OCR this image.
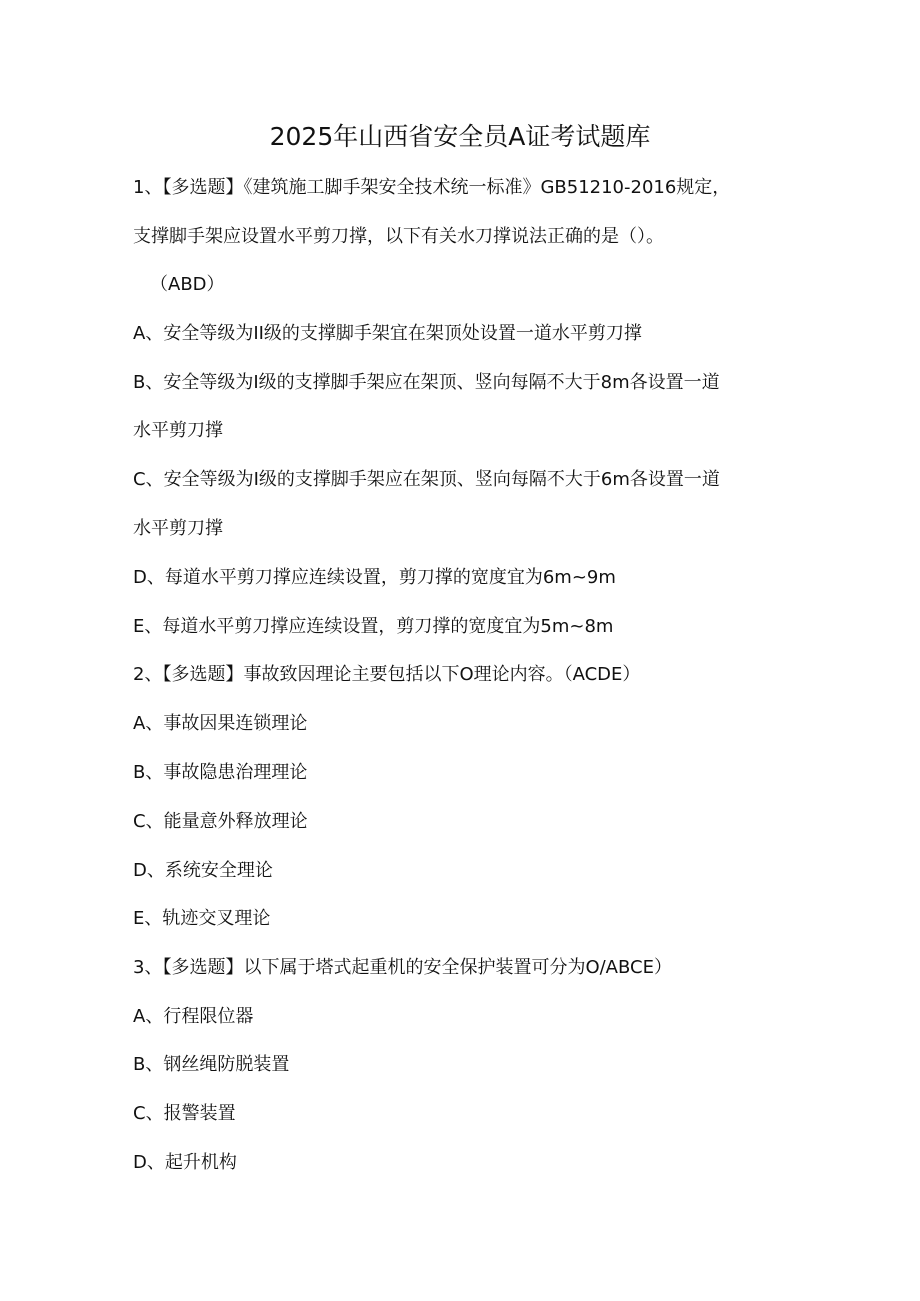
2025年山西省安全员A证考试题库
1、【多选题】《建筑施工脚手架安全技术统一标准》GB51210-2016规定，
支撑脚手架应设置水平剪刀撑，以下有关水刀撑说法正确的是（）。
（ABD）
A、安全等级为II级的支撑脚手架宜在架顶处设置一道水平剪刀撑
B、安全等级为I级的支撑脚手架应在架顶、竖向每隔不大于8m各设置一道
水平剪刀撑
C、安全等级为I级的支撑脚手架应在架顶、竖向每隔不大于6m各设置一道
水平剪刀撑
D、每道水平剪刀撑应连续设置，剪刀撑的宽度宜为6m~9m
E、每道水平剪刀撑应连续设置，剪刀撑的宽度宜为5m~8m
2、【多选题】事故致因理论主要包括以下O理论内容。（ACDE）
A、事故因果连锁理论
B、事故隐患治理理论
C、能量意外释放理论
D、系统安全理论
E、轨迹交叉理论
3、【多选题】以下属于塔式起重机的安全保护装置可分为O/ABCE）
A、行程限位器
B、钢丝绳防脱装置
C、报警装置
D、起升机构
